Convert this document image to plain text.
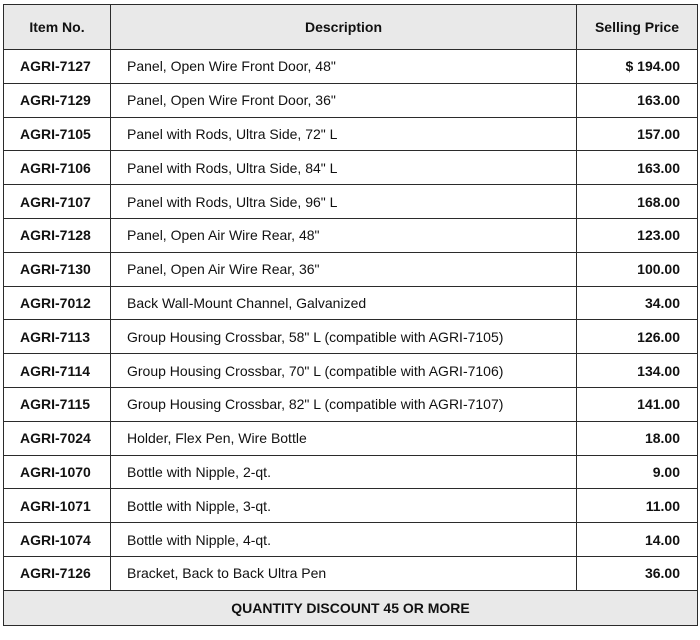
Item No.	Description	Selling Price
AGRI-7127	Panel, Open Wire Front Door, 48"	$ 194.00
AGRI-7129	Panel, Open Wire Front Door, 36"	163.00
AGRI-7105	Panel with Rods, Ultra Side, 72" L	157.00
AGRI-7106	Panel with Rods, Ultra Side, 84" L	163.00
AGRI-7107	Panel with Rods, Ultra Side, 96" L	168.00
AGRI-7128	Panel, Open Air Wire Rear, 48"	123.00
AGRI-7130	Panel, Open Air Wire Rear, 36"	100.00
AGRI-7012	Back Wall-Mount Channel, Galvanized	34.00
AGRI-7113	Group Housing Crossbar, 58" L (compatible with AGRI-7105)	126.00
AGRI-7114	Group Housing Crossbar, 70" L (compatible with AGRI-7106)	134.00
AGRI-7115	Group Housing Crossbar, 82" L (compatible with AGRI-7107)	141.00
AGRI-7024	Holder, Flex Pen, Wire Bottle	18.00
AGRI-1070	Bottle with Nipple, 2-qt.	9.00
AGRI-1071	Bottle with Nipple, 3-qt.	11.00
AGRI-1074	Bottle with Nipple, 4-qt.	14.00
AGRI-7126	Bracket, Back to Back Ultra Pen	36.00
QUANTITY DISCOUNT 45 OR MORE		
